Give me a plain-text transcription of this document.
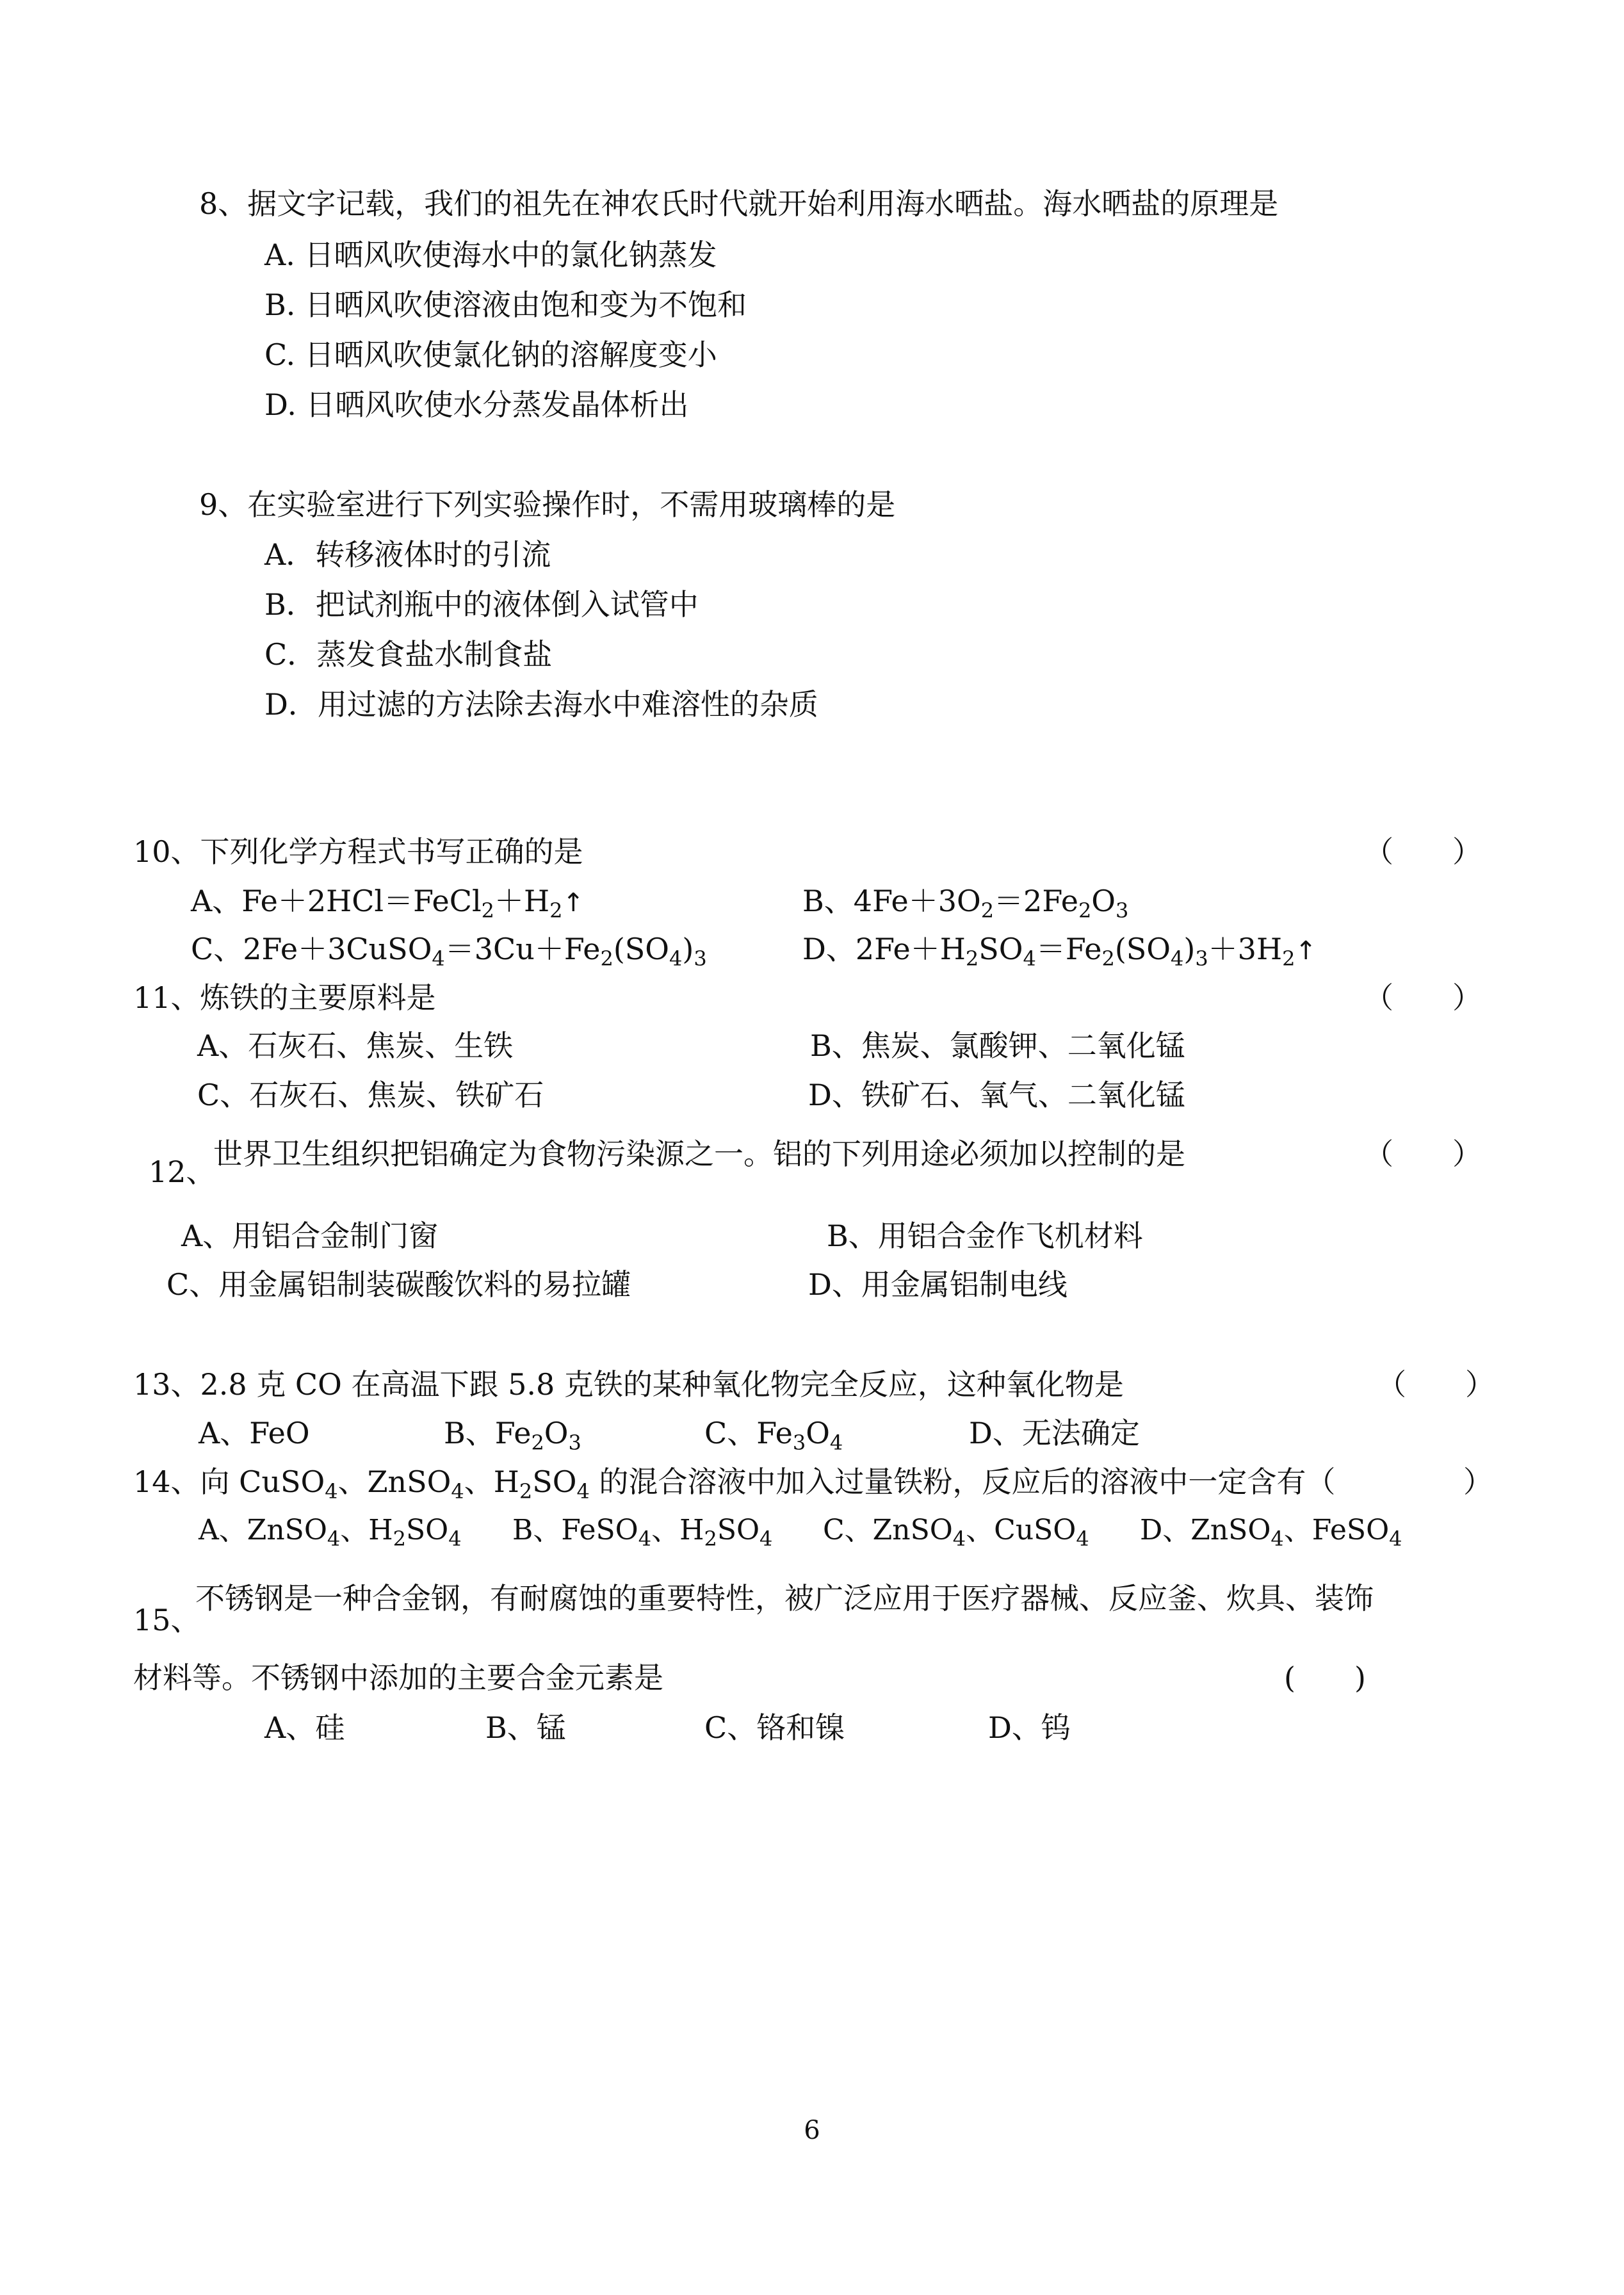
8、据文字记载，我们的祖先在神农氏时代就开始利用海水晒盐。海水晒盐的原理是
A. 日晒风吹使海水中的氯化钠蒸发
B. 日晒风吹使溶液由饱和变为不饱和
C. 日晒风吹使氯化钠的溶解度变小
D. 日晒风吹使水分蒸发晶体析出
9、在实验室进行下列实验操作时，不需用玻璃棒的是
A．转移液体时的引流
B．把试剂瓶中的液体倒入试管中
C．蒸发食盐水制食盐
D．用过滤的方法除去海水中难溶性的杂质
10、下列化学方程式书写正确的是	（　　）
A、$Fe+2HCl=FeCl_2+H_2↑$	B、$4Fe+3O_2=2Fe_2O_3$
C、$2Fe+3CuSO_4=3Cu+Fe_2(SO_4)_3$	D、$2Fe+H_2SO_4=Fe_2(SO_4)_3+3H_2↑$
11、炼铁的主要原料是	（　　）
A、石灰石、焦炭、生铁	B、焦炭、氯酸钾、二氧化锰
C、石灰石、焦炭、铁矿石	D、铁矿石、氧气、二氧化锰
12、
世界卫生组织把铝确定为食物污染源之一。铝的下列用途必须加以控制的是	（　　）
A、用铝合金制门窗	B、用铝合金作飞机材料
C、用金属铝制装碳酸饮料的易拉罐	D、用金属铝制电线
13、2.8 克 CO 在高温下跟 5.8 克铁的某种氧化物完全反应，这种氧化物是	（　　）
A、FeO	B、$Fe_2O_3$	C、$Fe_3O_4$	D、无法确定
14、向 CuSO$_4$、ZnSO$_4$、$H_2SO_4$ 的混合溶液中加入过量铁粉，反应后的溶液中一定含有（	）
A、ZnSO$_4$、$H_2SO_4$ B、FeSO$_4$、$H_2SO_4$ C、ZnSO$_4$、CuSO$_4$ D、ZnSO$_4$、FeSO$_4$
15、
不锈钢是一种合金钢，有耐腐蚀的重要特性，被广泛应用于医疗器械、反应釜、炊具、装饰
材料等。不锈钢中添加的主要合金元素是	(　　)
A、硅	B、锰	C、铬和镍	D、钨
6
